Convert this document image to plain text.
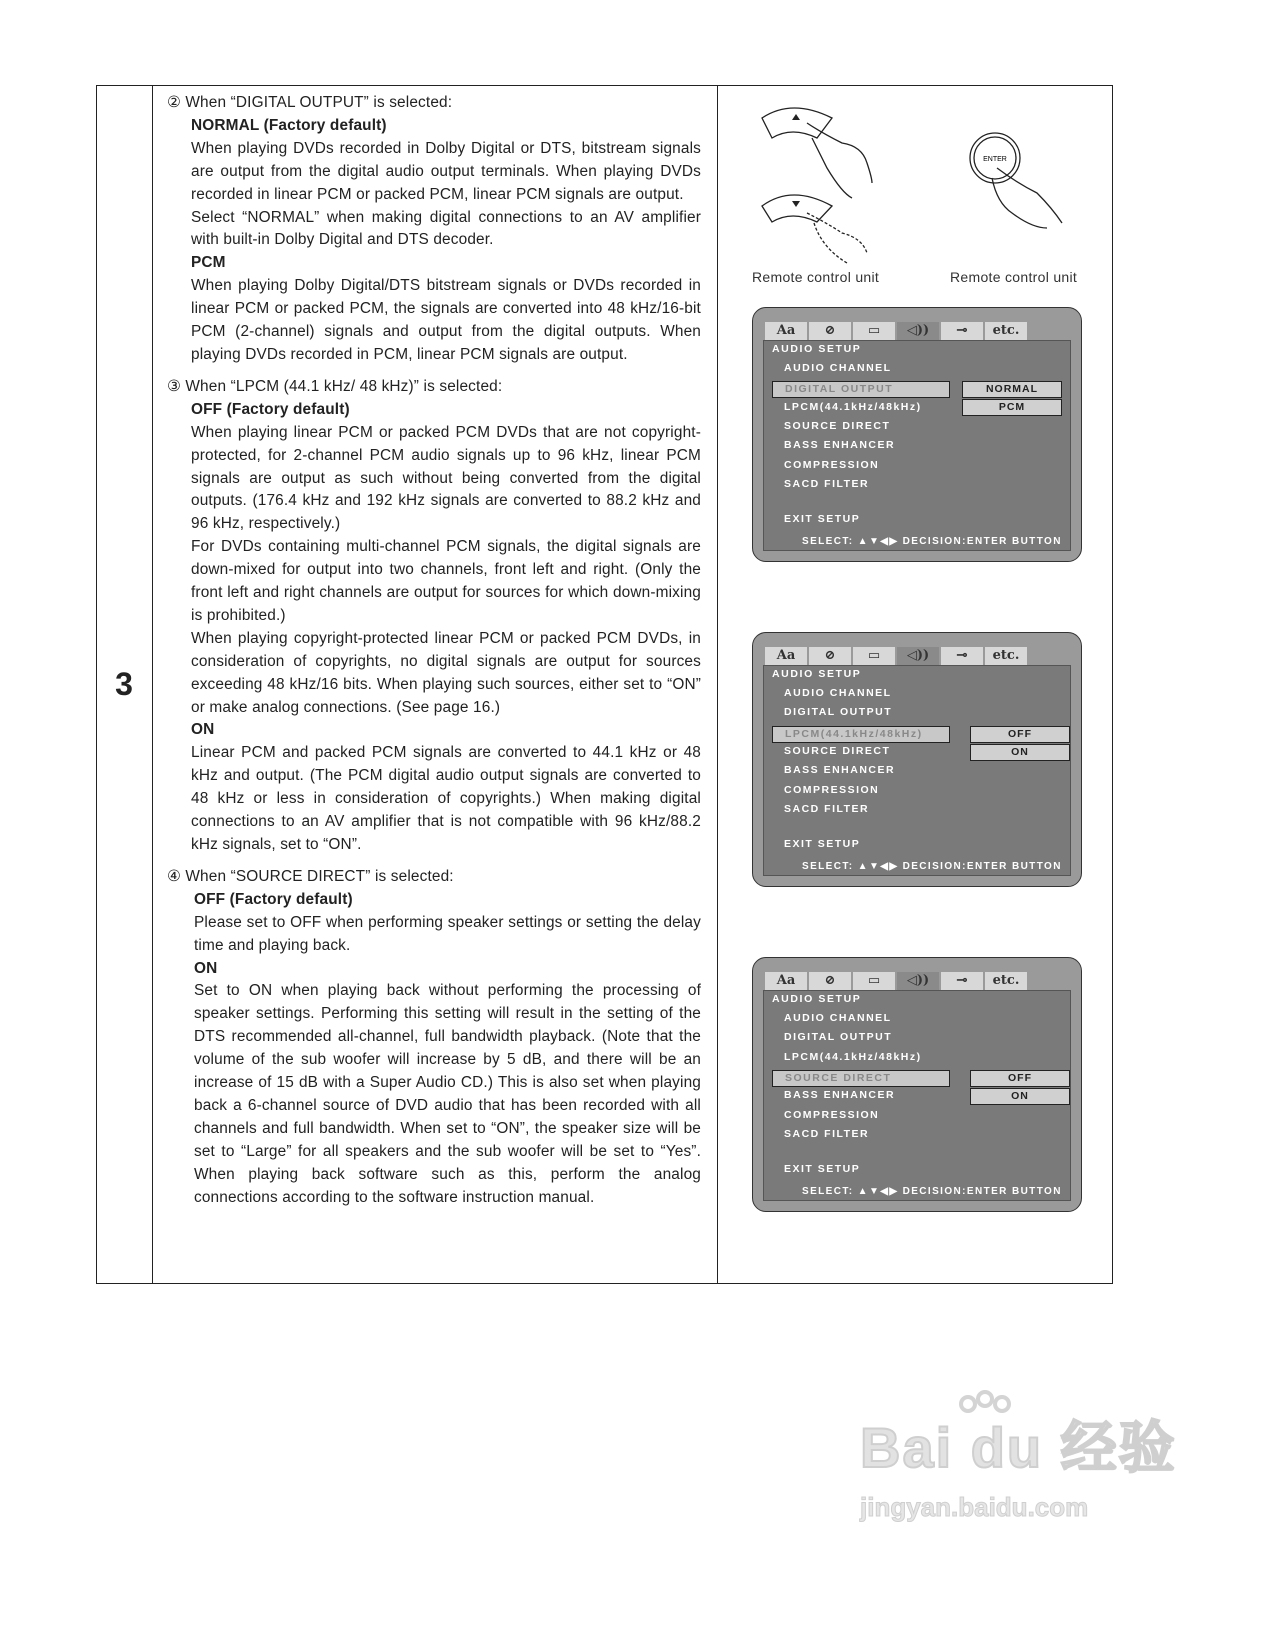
3
② When “DIGITAL OUTPUT” is selected:
NORMAL (Factory default)
When playing DVDs recorded in Dolby Digital or DTS, bitstream signals are output from the digital audio output terminals. When playing DVDs recorded in linear PCM or packed PCM, linear PCM signals are output.
Select “NORMAL” when making digital connections to an AV amplifier with built-in Dolby Digital and DTS decoder.
PCM
When playing Dolby Digital/DTS bitstream signals or DVDs recorded in linear PCM or packed PCM, the signals are converted into 48 kHz/16-bit PCM (2-channel) signals and output from the digital outputs. When playing DVDs recorded in PCM, linear PCM signals are output.
③ When “LPCM (44.1 kHz/ 48 kHz)” is selected:
OFF (Factory default)
When playing linear PCM or packed PCM DVDs that are not copyright-protected, for 2-channel PCM audio signals up to 96 kHz, linear PCM signals are output as such without being converted from the digital outputs. (176.4 kHz and 192 kHz signals are converted to 88.2 kHz and 96 kHz, respectively.)
For DVDs containing multi-channel PCM signals, the digital signals are down-mixed for output into two channels, front left and right. (Only the front left and right channels are output for sources for which down-mixing is prohibited.)
When playing copyright-protected linear PCM or packed PCM DVDs, in consideration of copyrights, no digital signals are output for sources exceeding 48 kHz/16 bits. When playing such sources, either set to “ON” or make analog connections. (See page 16.)
ON
Linear PCM and packed PCM signals are converted to 44.1 kHz or 48 kHz and output. (The PCM digital audio output signals are converted to 48 kHz or less in consideration of copyrights.) When making digital connections to an AV amplifier that is not compatible with 96 kHz/88.2 kHz signals, set to “ON”.
④ When “SOURCE DIRECT” is selected:
OFF (Factory default)
Please set to OFF when performing speaker settings or setting the delay time and playing back.
ON
Set to ON when playing back without performing the processing of speaker settings. Performing this setting will result in the setting of the DTS recommended all-channel, full bandwidth playback. (Note that the volume of the sub woofer will increase by 5 dB, and there will be an increase of 15 dB with a Super Audio CD.) This is also set when playing back a 6-channel source of DVD audio that has been recorded with all channels and full bandwidth. When set to “ON”, the speaker size will be set to “Large” for all speakers and the sub woofer will be set to “Yes”. When playing back software such as this, perform the analog connections according to the software instruction manual.
ENTER
Remote control unit	Remote control unit
Aa	⊘	▭	◁))	⊸	etc.
AUDIO SETUP
AUDIO CHANNEL
DIGITAL OUTPUT
LPCM(44.1kHz/48kHz)
SOURCE DIRECT
BASS ENHANCER
COMPRESSION
SACD FILTER
NORMAL
PCM
EXIT SETUP
SELECT: ▲▼◀▶ DECISION:ENTER BUTTON
Aa	⊘	▭	◁))	⊸	etc.
AUDIO SETUP
AUDIO CHANNEL
DIGITAL OUTPUT
LPCM(44.1kHz/48kHz)
SOURCE DIRECT
BASS ENHANCER
COMPRESSION
SACD FILTER
OFF
ON
EXIT SETUP
SELECT: ▲▼◀▶ DECISION:ENTER BUTTON
Aa	⊘	▭	◁))	⊸	etc.
AUDIO SETUP
AUDIO CHANNEL
DIGITAL OUTPUT
LPCM(44.1kHz/48kHz)
SOURCE DIRECT
BASS ENHANCER
COMPRESSION
SACD FILTER
OFF
ON
EXIT SETUP
SELECT: ▲▼◀▶ DECISION:ENTER BUTTON
Bai du 经验
jingyan.baidu.com
